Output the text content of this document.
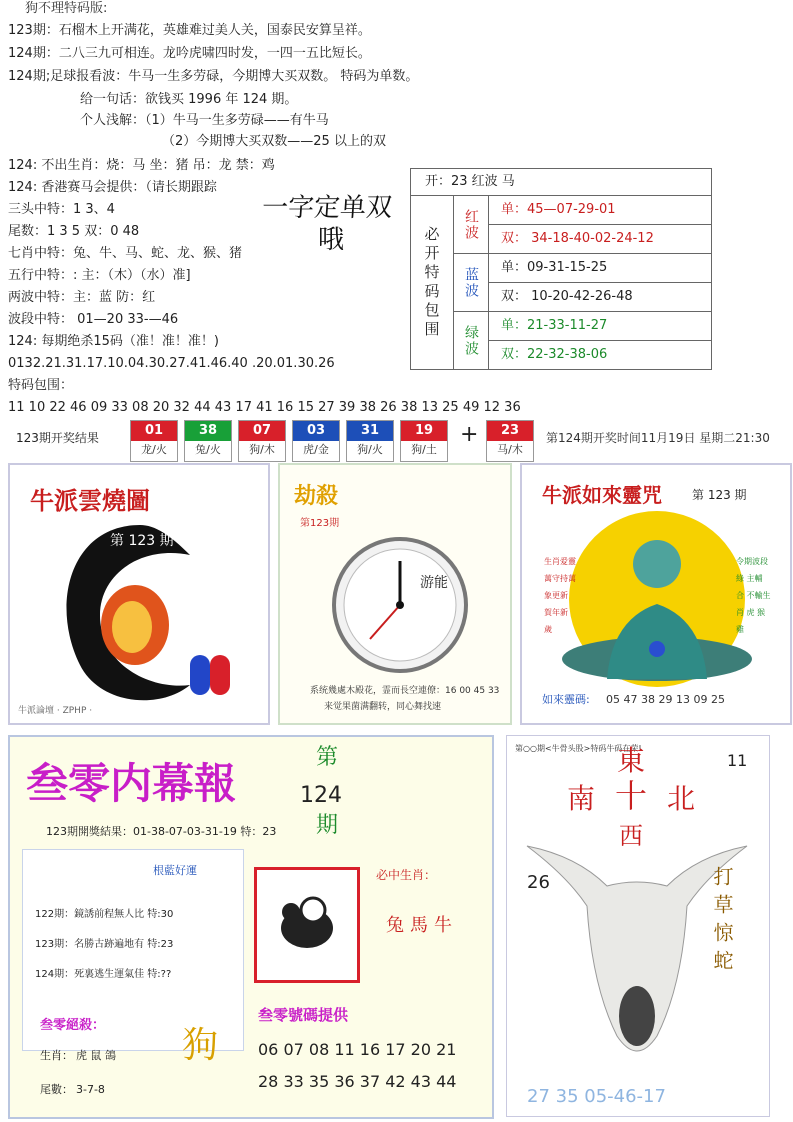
狗不理特码版:
123期：石榴木上开满花，英雄难过美人关，国泰民安算呈祥。
124期：二八三九可相连。龙吟虎啸四时发，一四一五比短长。
124期;足球报看波：牛马一生多劳碌，今期博大买双数。 特码为单数。
给一句话：欲钱买 1996 年 124 期。
个人浅解：（1）牛马一生多劳碌——有牛马
（2）今期博大买双数——25 以上的双
124: 不出生肖：烧：马 坐：猪 吊：龙 禁：鸡
124: 香港赛马会提供：（请长期跟踪
三头中特：1 3、4
尾数：1 3 5 双：0 48
七肖中特：兔、牛、马、蛇、龙、猴、猪
五行中特：: 主：（木）（水）准]
两波中特：主：蓝 防：红
波段中特： 01—20 33-—46
124: 每期绝杀15码（准！准！准！)
0132.21.31.17.10.04.30.27.41.46.40 .20.01.30.26
特码包围：
11 10 22 46 09 33 08 20 32 44 43 17 41 16 15 27 39 38 26 38 13 25 49 12 36
一字定单双
哦
开：23 红波 马
必开特码包围
红波	单：45—07-29-01
双： 34-18-40-02-24-12
蓝波	单：09-31-15-25
双： 10-20-42-26-48
绿波	单：21-33-11-27
双：22-32-38-06
123期开奖结果	01
龙/火
38
兔/火
07
狗/木
03
虎/金
31
狗/火
19
狗/土
+	23
马/木
第124期开奖时间11月19日 星期二21:30
牛派雲燒圖
第 123 期
牛派論壇 · ZPHP ·
劫殺
第123期
游能
系统幾處木殿花，霊而長空連僚：16 00 45 33
来觉果菌满翻转，同心舞找速
牛派如來靈咒	第 123 期
生肖爱靈 萬守持萬 象更新 賀年新 歲
令期波段 綠 主輔 合 不輸生肖 虎 猴 雞
如來靈碼: 05 47 38 29 13 09 25
叁零内幕報
第
124
期
123期開獎結果：01-38-07-03-31-19 特：23
根藍好運
122期：鏡誘前程無人比 特:30
123期：名勝古跡遍地有 特:23
124期：死裏逃生運氣佳 特:??
必中生肖：
兔馬牛
叁零絕殺：
生肖： 虎 鼠 鴿
尾數： 3-7-8
狗
叁零號碼提供
06 07 08 11 16 17 20 21
28 33 35 36 37 42 43 44
第○○期<牛骨头股>特码牛码在荣!
東
南 十 北
西
11
26	打草惊蛇
27 35 05-46-17
